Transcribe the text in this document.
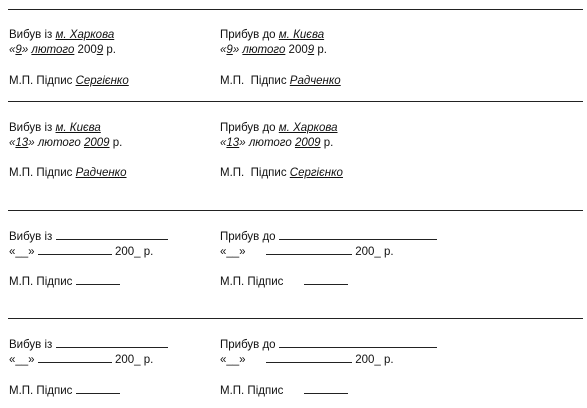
Вибув із м. Харкова
«9» лютого 2009 р.
М.П. Підпис Сергієнко
Прибув до м. Києва
«9» лютого 2009 р.
М.П. Підпис Радченко
Вибув із м. Києва
«13» лютого 2009 р.
М.П. Підпис Радченко
Прибув до м. Харкова
«13» лютого 2009 р.
М.П. Підпис Сергієнко
Вибув із
«__»	200_ р.
М.П. Підпис
Прибув до
«__»	200_ р.
М.П. Підпис
Вибув із
«__»	200_ р.
М.П. Підпис
Прибув до
«__»	200_ р.
М.П. Підпис
